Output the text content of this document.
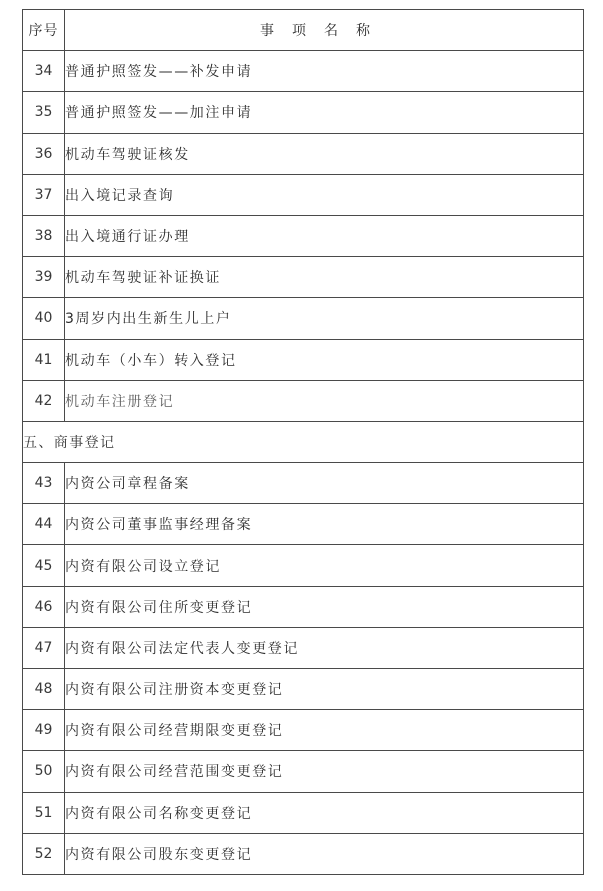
序号	事项名称
34	普通护照签发——补发申请
35	普通护照签发——加注申请
36	机动车驾驶证核发
37	出入境记录查询
38	出入境通行证办理
39	机动车驾驶证补证换证
40	3周岁内出生新生儿上户
41	机动车（小车）转入登记
42	机动车注册登记
五、商事登记	
43	内资公司章程备案
44	内资公司董事监事经理备案
45	内资有限公司设立登记
46	内资有限公司住所变更登记
47	内资有限公司法定代表人变更登记
48	内资有限公司注册资本变更登记
49	内资有限公司经营期限变更登记
50	内资有限公司经营范围变更登记
51	内资有限公司名称变更登记
52	内资有限公司股东变更登记
